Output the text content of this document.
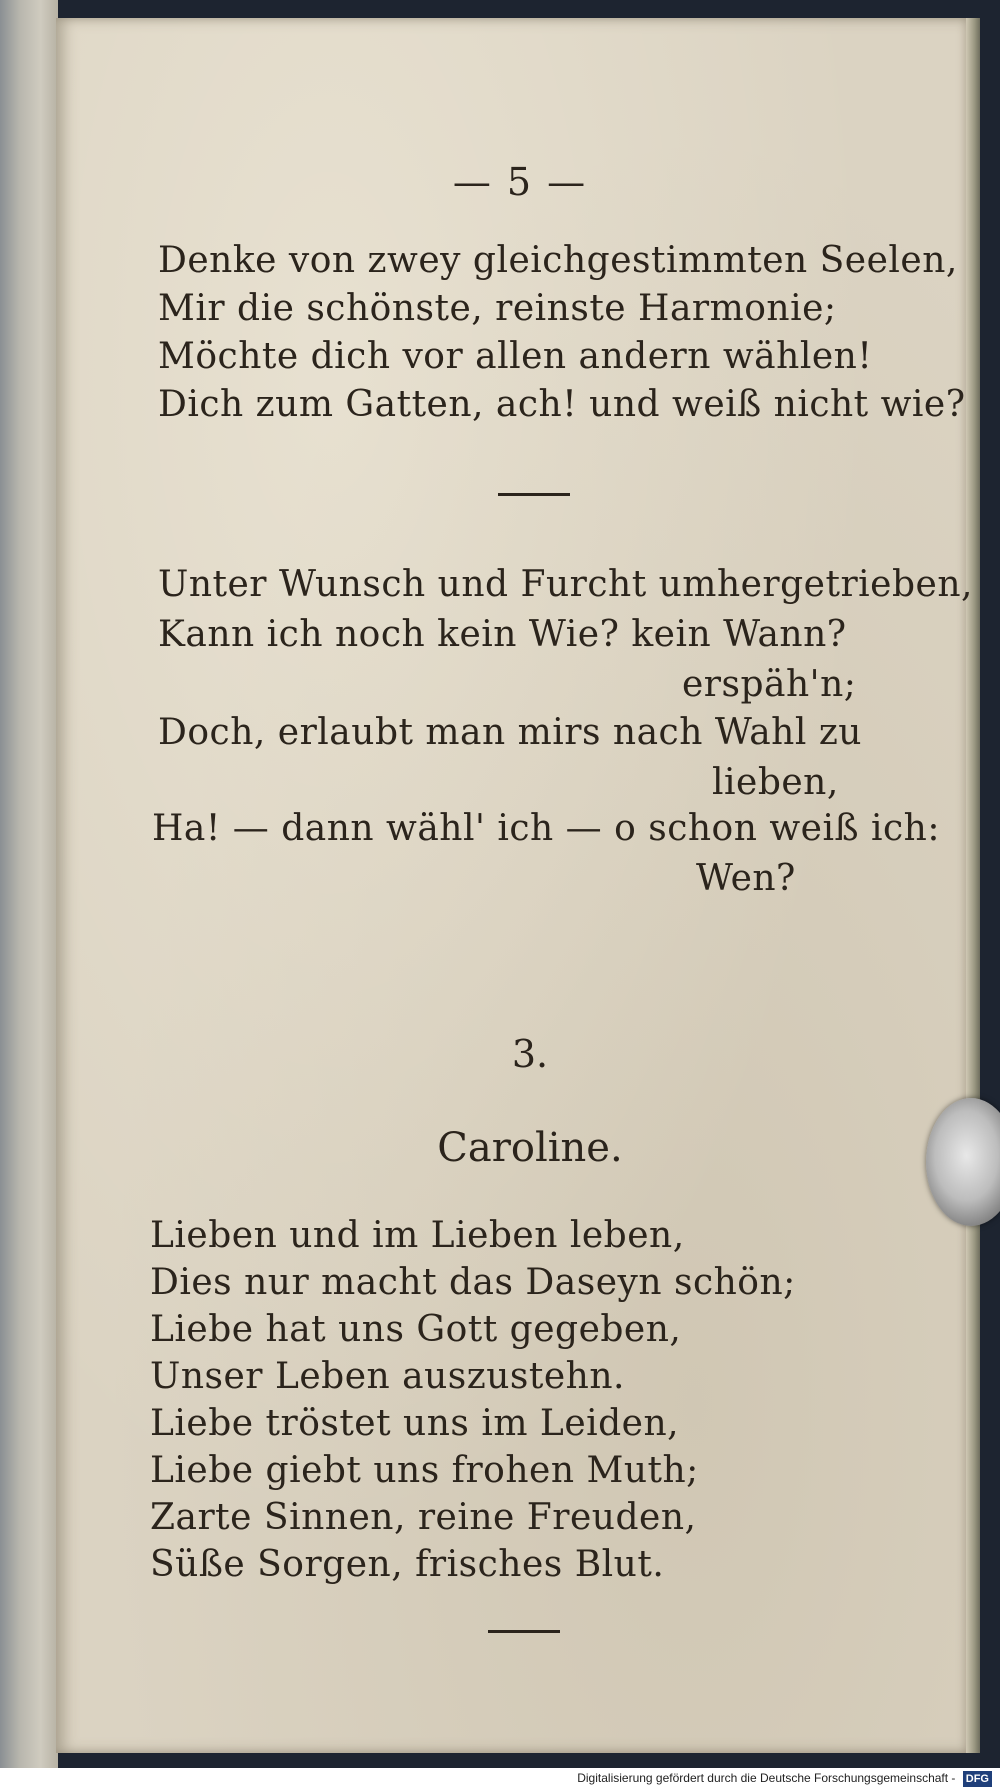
— 5 —
Denke von zwey gleichgestimmten Seelen,
Mir die schönste, reinste Harmonie;
Möchte dich vor allen andern wählen!
Dich zum Gatten, ach! und weiß nicht wie?
Unter Wunsch und Furcht umhergetrieben,
Kann ich noch kein Wie? kein Wann?
erspäh'n;
Doch, erlaubt man mirs nach Wahl zu
lieben,
Ha! — dann wähl' ich — o schon weiß ich:
Wen?
3.
Caroline.
Lieben und im Lieben leben,
Dies nur macht das Daseyn schön;
Liebe hat uns Gott gegeben,
Unser Leben auszustehn.
Liebe tröstet uns im Leiden,
Liebe giebt uns frohen Muth;
Zarte Sinnen, reine Freuden,
Süße Sorgen, frisches Blut.
Digitalisierung gefördert durch die Deutsche Forschungsgemeinschaft - DFG
